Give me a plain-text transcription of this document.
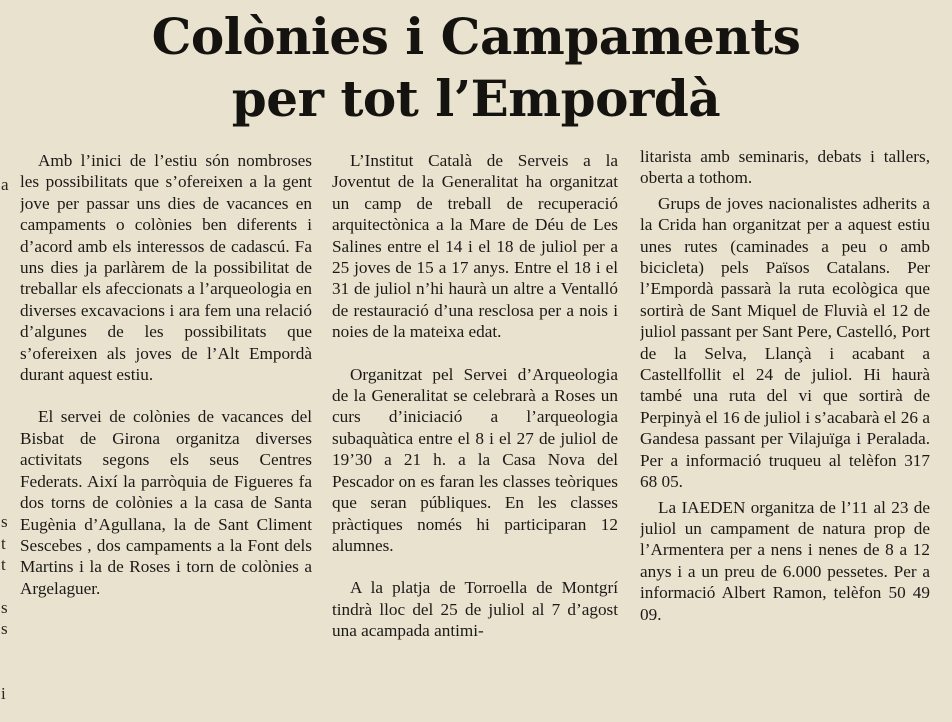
a
s
t
t
s
s
i
Colònies i Campaments
per tot l’Empordà

Amb l’inici de l’estiu són nombroses les possibilitats que s’ofereixen a la gent jove per passar uns dies de vacances en campaments o colònies ben diferents i d’acord amb els interessos de cadascú. Fa uns dies ja parlàrem de la possibilitat de treballar els afeccionats a l’arqueologia en diverses excavacions i ara fem una relació d’algunes de les possibilitats que s’ofereixen als joves de l’Alt Empordà durant aquest estiu.

El servei de colònies de vacances del Bisbat de Girona organitza diverses activitats segons els seus Centres Federats. Així la parròquia de Figueres fa dos torns de colònies a la casa de Santa Eugènia d’Agullana, la de Sant Climent Sescebes , dos campaments a la Font dels Martins i la de Roses i torn de colònies a Argelaguer.

L’Institut Català de Serveis a la Joventut de la Generalitat ha organitzat un camp de treball de recuperació arquitectònica a la Mare de Déu de Les Salines entre el 14 i el 18 de juliol per a 25 joves de 15 a 17 anys. Entre el 18 i el 31 de juliol n’hi haurà un altre a Ventalló de restauració d’una resclosa per a nois i noies de la mateixa edat.

Organitzat pel Servei d’Arqueologia de la Generalitat se celebrarà a Roses un curs d’iniciació a l’arqueologia subaquàtica entre el 8 i el 27 de juliol de 19’30 a 21 h. a la Casa Nova del Pescador on es faran les classes teòriques que seran públiques. En les classes pràctiques només hi participaran 12 alumnes.

A la platja de Torroella de Montgrí tindrà lloc del 25 de juliol al 7 d’agost una acampada antimi-

litarista amb seminaris, debats i tallers, oberta a tothom.

Grups de joves nacionalistes adherits a la Crida han organitzat per a aquest estiu unes rutes (caminades a peu o amb bicicleta) pels Països Catalans. Per l’Empordà passarà la ruta ecològica que sortirà de Sant Miquel de Fluvià el 12 de juliol passant per Sant Pere, Castelló, Port de la Selva, Llançà i acabant a Castellfollit el 24 de juliol. Hi haurà també una ruta del vi que sortirà de Perpinyà el 16 de juliol i s’acabarà el 26 a Gandesa passant per Vilajuïga i Peralada. Per a informació truqueu al telèfon 317 68 05.

La IAEDEN organitza de l’11 al 23 de juliol un campament de natura prop de l’Armentera per a nens i nenes de 8 a 12 anys i a un preu de 6.000 pessetes. Per a informació Albert Ramon, telèfon 50 49 09.
